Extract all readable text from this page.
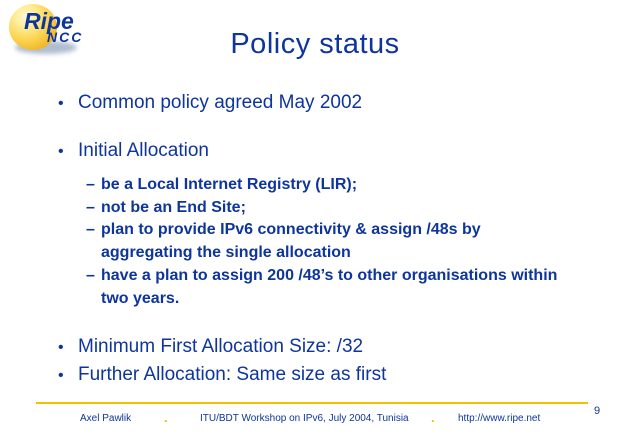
Ripe
NCC	Policy status
• Common policy agreed May 2002
• Initial Allocation
– be a Local Internet Registry (LIR);
– not be an End Site;
– plan to provide IPv6 connectivity & assign /48s by aggregating the single allocation
– have a plan to assign 200 /48’s to other organisations within two years.
• Minimum First Allocation Size: /32
• Further Allocation: Same size as first
Axel Pawlik	.	ITU/BDT Workshop on IPv6, July 2004, Tunisia . http://www.ripe.net
9
